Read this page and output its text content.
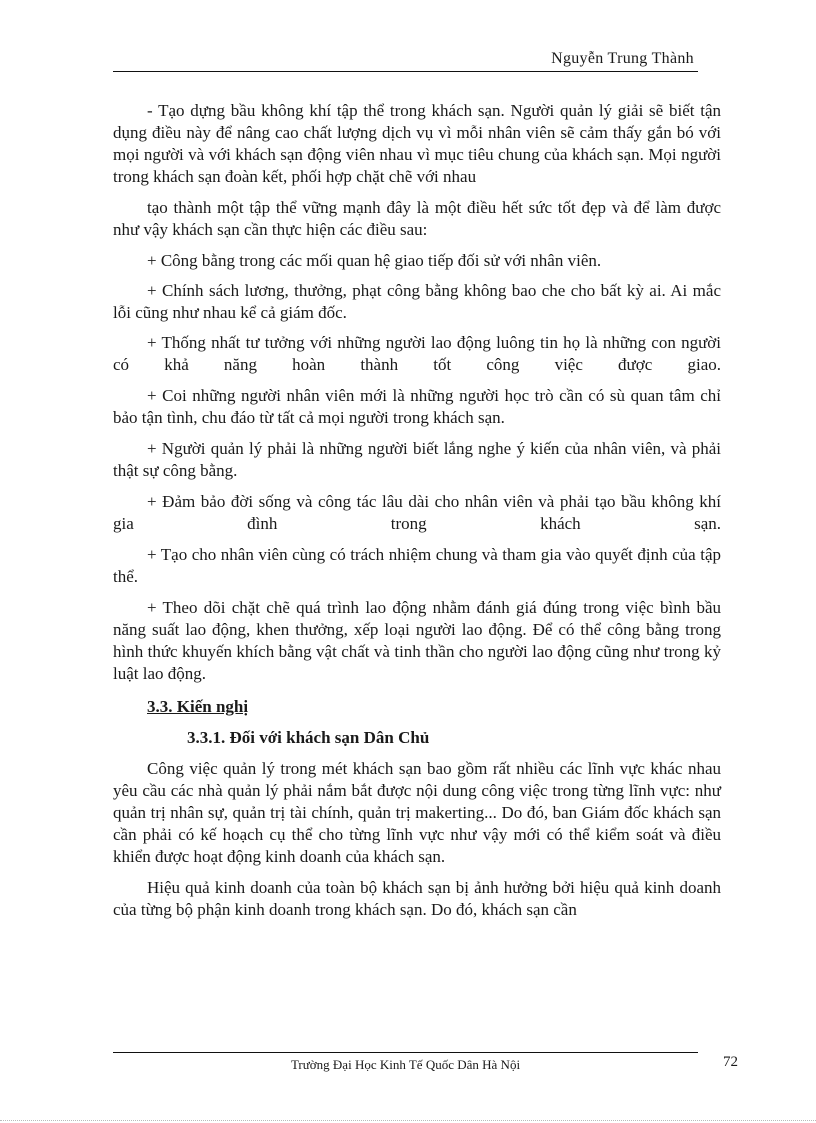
Nguyễn Trung Thành

- Tạo dựng bầu không khí tập thể trong khách sạn. Người quản lý giải sẽ biết tận dụng điều này để nâng cao chất lượng dịch vụ vì mỗi nhân viên sẽ cảm thấy gắn bó với mọi người và với khách sạn động viên nhau vì mục tiêu chung của khách sạn. Mọi người trong khách sạn đoàn kết, phối hợp chặt chẽ với nhau

tạo thành một tập thể vững mạnh đây là một điều hết sức tốt đẹp và để làm được như vậy khách sạn cần thực hiện các điều sau:

+ Công bằng trong các mối quan hệ giao tiếp đối sử với nhân viên.

+ Chính sách lương, thưởng, phạt công bằng không bao che cho bất kỳ ai. Ai mắc lỗi cũng như nhau kể cả giám đốc.

+ Thống nhất tư tưởng với những người lao động luông tin họ là những con người có khả năng hoàn thành tốt công việc được giao.

+ Coi những người nhân viên mới là những người học trò cần có sù quan tâm chỉ bảo tận tình, chu đáo từ tất cả mọi người trong khách sạn.

+ Người quản lý phải là những người biết lắng nghe ý kiến của nhân viên, và phải thật sự công bằng.

+ Đảm bảo đời sống và công tác lâu dài cho nhân viên và phải tạo bầu không khí gia đình trong khách sạn.

+ Tạo cho nhân viên cùng có trách nhiệm chung và tham gia vào quyết định của tập thể.

+ Theo dõi chặt chẽ quá trình lao động nhằm đánh giá đúng trong việc bình bầu năng suất lao động, khen thưởng, xếp loại người lao động. Để có thể công bằng trong hình thức khuyến khích bằng vật chất và tinh thần cho người lao động cũng như trong kỷ luật lao động.

3.3. Kiến nghị

3.3.1. Đối với khách sạn Dân Chủ

Công việc quản lý trong mét khách sạn bao gồm rất nhiều các lĩnh vực khác nhau yêu cầu các nhà quản lý phải nắm bắt được nội dung công việc trong từng lĩnh vực: như quản trị nhân sự, quản trị tài chính, quản trị makerting... Do đó, ban Giám đốc khách sạn cần phải có kế hoạch cụ thể cho từng lĩnh vực như vậy mới có thể kiểm soát và điều khiển được hoạt động kinh doanh của khách sạn.

Hiệu quả kinh doanh của toàn bộ khách sạn bị ảnh hưởng bởi hiệu quả kinh doanh của từng bộ phận kinh doanh trong khách sạn. Do đó, khách sạn cần

Trường Đại Học Kinh Tế Quốc Dân Hà Nội	72
